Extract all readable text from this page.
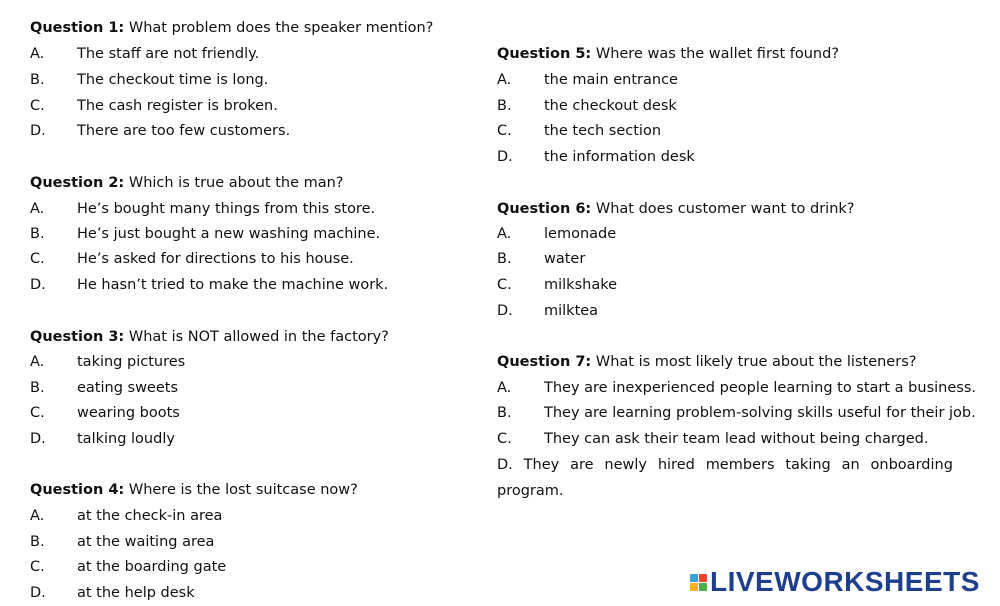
Question 1: What problem does the speaker mention?
A. The staff are not friendly.
B. The checkout time is long.
C. The cash register is broken.
D. There are too few customers.
Question 2: Which is true about the man?
A. He’s bought many things from this store.
B. He’s just bought a new washing machine.
C. He’s asked for directions to his house.
D. He hasn’t tried to make the machine work.
Question 3: What is NOT allowed in the factory?
A. taking pictures
B. eating sweets
C. wearing boots
D. talking loudly
Question 4: Where is the lost suitcase now?
A. at the check-in area
B. at the waiting area
C. at the boarding gate
D. at the help desk
Question 5: Where was the wallet first found?
A. the main entrance
B. the checkout desk
C. the tech section
D. the information desk
Question 6: What does customer want to drink?
A. lemonade
B. water
C. milkshake
D. milktea
Question 7: What is most likely true about the listeners?
A. They are inexperienced people learning to start a business.
B. They are learning problem-solving skills useful for their job.
C. They can ask their team lead without being charged.
D. They are newly hired members taking an onboarding
program.
LIVEWORKSHEETS
